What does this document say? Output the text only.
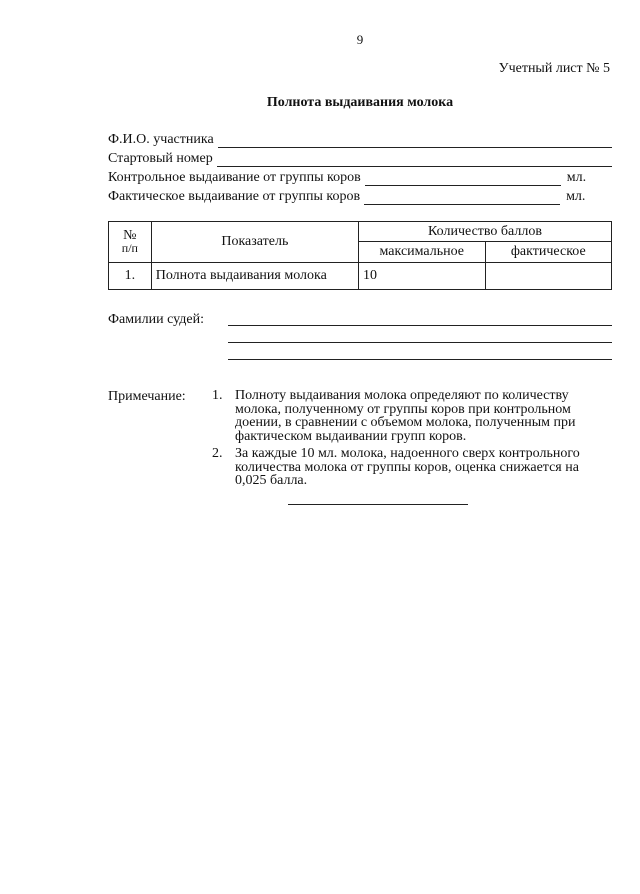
9
Учетный лист № 5
Полнота выдаивания молока
Ф.И.О. участника
Стартовый номер
Контрольное выдаивание от группы коров	мл.
Фактическое выдаивание от группы коров	мл.
№
п/п	Показатель	Количество баллов	
		максимальное	фактическое
1.	Полнота выдаивания молока	10	
Фамилии судей:
Примечание: 1. Полноту выдаивания молока определяют по количеству молока, полученному от группы коров при контрольном доении, в сравнении с объемом молока, полученным при фактическом выдаивании групп коров.
2. За каждые 10 мл. молока, надоенного сверх контрольного количества молока от группы коров, оценка снижается на 0,025 балла.
